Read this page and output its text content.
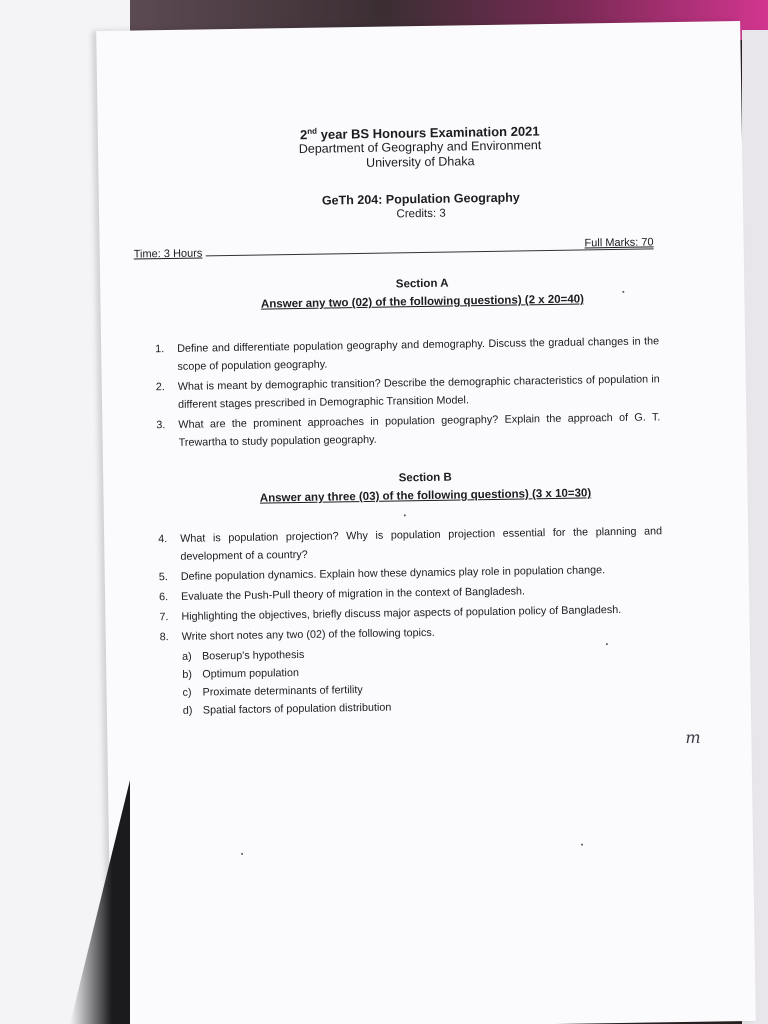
2nd year BS Honours Examination 2021
Department of Geography and Environment
University of Dhaka
GeTh 204: Population Geography
Credits: 3
Time: 3 Hours
Full Marks: 70
Section A
Answer any two (02) of the following questions) (2 x 20=40)
1.	Define and differentiate population geography and demography. Discuss the gradual changes in the scope of population geography.
2.	What is meant by demographic transition? Describe the demographic characteristics of population in different stages prescribed in Demographic Transition Model.
3.	What are the prominent approaches in population geography? Explain the approach of G. T. Trewartha to study population geography.
Section B
Answer any three (03) of the following questions) (3 x 10=30)
4.	What is population projection? Why is population projection essential for the planning and development of a country?
5.	Define population dynamics. Explain how these dynamics play role in population change.
6.	Evaluate the Push-Pull theory of migration in the context of Bangladesh.
7.	Highlighting the objectives, briefly discuss major aspects of population policy of Bangladesh.
8.	Write short notes any two (02) of the following topics.
a) Boserup's hypothesis
b) Optimum population
c)	Proximate determinants of fertility
d) Spatial factors of population distribution
m
